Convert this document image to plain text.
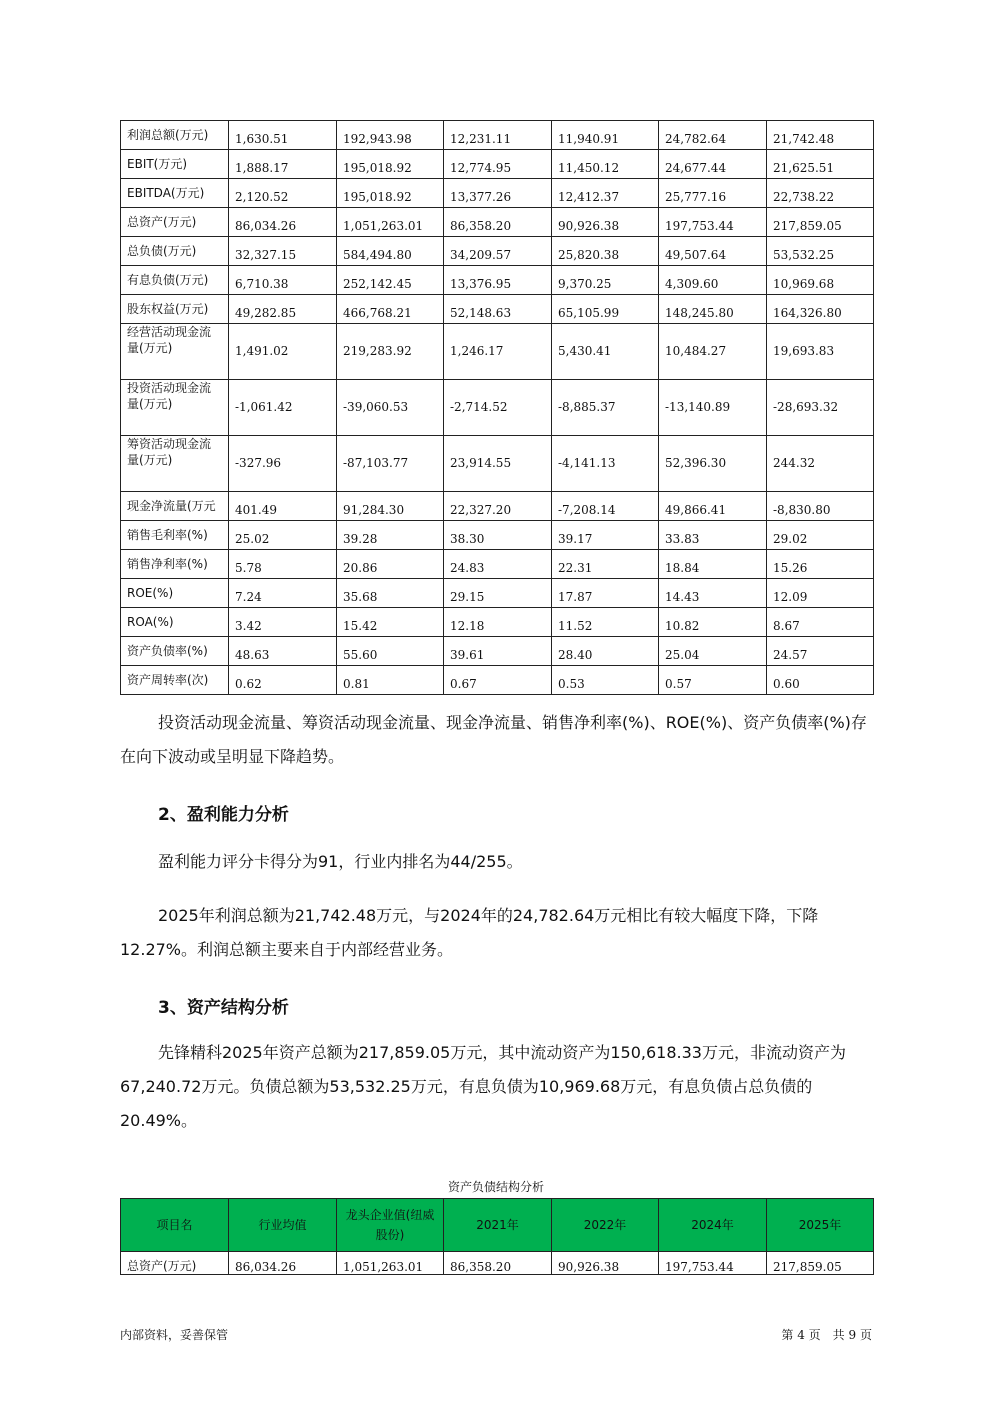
利润总额(万元)	1,630.51	192,943.98	12,231.11	11,940.91	24,782.64	21,742.48
EBIT(万元)	1,888.17	195,018.92	12,774.95	11,450.12	24,677.44	21,625.51
EBITDA(万元)	2,120.52	195,018.92	13,377.26	12,412.37	25,777.16	22,738.22
总资产(万元)	86,034.26	1,051,263.01	86,358.20	90,926.38	197,753.44	217,859.05
总负债(万元)	32,327.15	584,494.80	34,209.57	25,820.38	49,507.64	53,532.25
有息负债(万元)	6,710.38	252,142.45	13,376.95	9,370.25	4,309.60	10,969.68
股东权益(万元)	49,282.85	466,768.21	52,148.63	65,105.99	148,245.80	164,326.80
经营活动现金流量(万元)	1,491.02	219,283.92	1,246.17	5,430.41	10,484.27	19,693.83
投资活动现金流量(万元)	-1,061.42	-39,060.53	-2,714.52	-8,885.37	-13,140.89	-28,693.32
筹资活动现金流量(万元)	-327.96	-87,103.77	23,914.55	-4,141.13	52,396.30	244.32
现金净流量(万元	401.49	91,284.30	22,327.20	-7,208.14	49,866.41	-8,830.80
销售毛利率(%)	25.02	39.28	38.30	39.17	33.83	29.02
销售净利率(%)	5.78	20.86	24.83	22.31	18.84	15.26
ROE(%)	7.24	35.68	29.15	17.87	14.43	12.09
ROA(%)	3.42	15.42	12.18	11.52	10.82	8.67
资产负债率(%)	48.63	55.60	39.61	28.40	25.04	24.57
资产周转率(次)	0.62	0.81	0.67	0.53	0.57	0.60
投资活动现金流量、筹资活动现金流量、现金净流量、销售净利率(%)、ROE(%)、资产负债率(%)存在向下波动或呈明显下降趋势。
2、盈利能力分析
盈利能力评分卡得分为91，行业内排名为44/255。
2025年利润总额为21,742.48万元，与2024年的24,782.64万元相比有较大幅度下降，下降12.27%。利润总额主要来自于内部经营业务。
3、资产结构分析
先锋精科2025年资产总额为217,859.05万元，其中流动资产为150,618.33万元，非流动资产为67,240.72万元。负债总额为53,532.25万元，有息负债为10,969.68万元，有息负债占总负债的20.49%。
资产负债结构分析
项目名	行业均值	龙头企业值(纽威股份)	2021年	2022年	2024年	2025年
总资产(万元)	86,034.26	1,051,263.01	86,358.20	90,926.38	197,753.44	217,859.05
内部资料，妥善保管	第 4 页　共 9 页
